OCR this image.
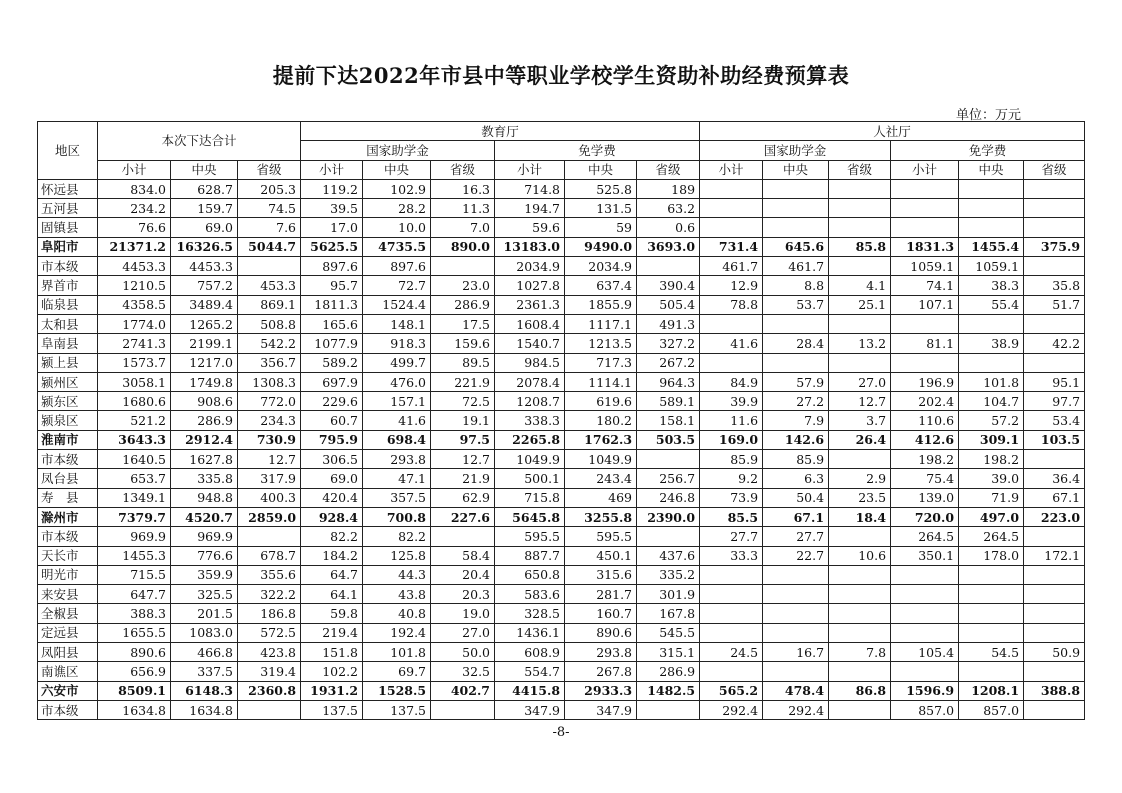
提前下达2022年市县中等职业学校学生资助补助经费预算表
单位：万元
地区	本次下达合计			教育厅						人社厅					
				国家助学金			免学费			国家助学金			免学费		
	小计	中央	省级	小计	中央	省级	小计	中央	省级	小计	中央	省级	小计	中央	省级
怀远县	834.0	628.7	205.3	119.2	102.9	16.3	714.8	525.8	189						
五河县	234.2	159.7	74.5	39.5	28.2	11.3	194.7	131.5	63.2						
固镇县	76.6	69.0	7.6	17.0	10.0	7.0	59.6	59	0.6						
阜阳市	21371.2	16326.5	5044.7	5625.5	4735.5	890.0	13183.0	9490.0	3693.0	731.4	645.6	85.8	1831.3	1455.4	375.9
市本级	4453.3	4453.3		897.6	897.6		2034.9	2034.9		461.7	461.7		1059.1	1059.1	
界首市	1210.5	757.2	453.3	95.7	72.7	23.0	1027.8	637.4	390.4	12.9	8.8	4.1	74.1	38.3	35.8
临泉县	4358.5	3489.4	869.1	1811.3	1524.4	286.9	2361.3	1855.9	505.4	78.8	53.7	25.1	107.1	55.4	51.7
太和县	1774.0	1265.2	508.8	165.6	148.1	17.5	1608.4	1117.1	491.3						
阜南县	2741.3	2199.1	542.2	1077.9	918.3	159.6	1540.7	1213.5	327.2	41.6	28.4	13.2	81.1	38.9	42.2
颍上县	1573.7	1217.0	356.7	589.2	499.7	89.5	984.5	717.3	267.2						
颍州区	3058.1	1749.8	1308.3	697.9	476.0	221.9	2078.4	1114.1	964.3	84.9	57.9	27.0	196.9	101.8	95.1
颍东区	1680.6	908.6	772.0	229.6	157.1	72.5	1208.7	619.6	589.1	39.9	27.2	12.7	202.4	104.7	97.7
颍泉区	521.2	286.9	234.3	60.7	41.6	19.1	338.3	180.2	158.1	11.6	7.9	3.7	110.6	57.2	53.4
淮南市	3643.3	2912.4	730.9	795.9	698.4	97.5	2265.8	1762.3	503.5	169.0	142.6	26.4	412.6	309.1	103.5
市本级	1640.5	1627.8	12.7	306.5	293.8	12.7	1049.9	1049.9		85.9	85.9		198.2	198.2	
凤台县	653.7	335.8	317.9	69.0	47.1	21.9	500.1	243.4	256.7	9.2	6.3	2.9	75.4	39.0	36.4
寿　县	1349.1	948.8	400.3	420.4	357.5	62.9	715.8	469	246.8	73.9	50.4	23.5	139.0	71.9	67.1
滁州市	7379.7	4520.7	2859.0	928.4	700.8	227.6	5645.8	3255.8	2390.0	85.5	67.1	18.4	720.0	497.0	223.0
市本级	969.9	969.9		82.2	82.2		595.5	595.5		27.7	27.7		264.5	264.5	
天长市	1455.3	776.6	678.7	184.2	125.8	58.4	887.7	450.1	437.6	33.3	22.7	10.6	350.1	178.0	172.1
明光市	715.5	359.9	355.6	64.7	44.3	20.4	650.8	315.6	335.2						
来安县	647.7	325.5	322.2	64.1	43.8	20.3	583.6	281.7	301.9						
全椒县	388.3	201.5	186.8	59.8	40.8	19.0	328.5	160.7	167.8						
定远县	1655.5	1083.0	572.5	219.4	192.4	27.0	1436.1	890.6	545.5						
凤阳县	890.6	466.8	423.8	151.8	101.8	50.0	608.9	293.8	315.1	24.5	16.7	7.8	105.4	54.5	50.9
南谯区	656.9	337.5	319.4	102.2	69.7	32.5	554.7	267.8	286.9						
六安市	8509.1	6148.3	2360.8	1931.2	1528.5	402.7	4415.8	2933.3	1482.5	565.2	478.4	86.8	1596.9	1208.1	388.8
市本级	1634.8	1634.8		137.5	137.5		347.9	347.9		292.4	292.4		857.0	857.0	
-8-
